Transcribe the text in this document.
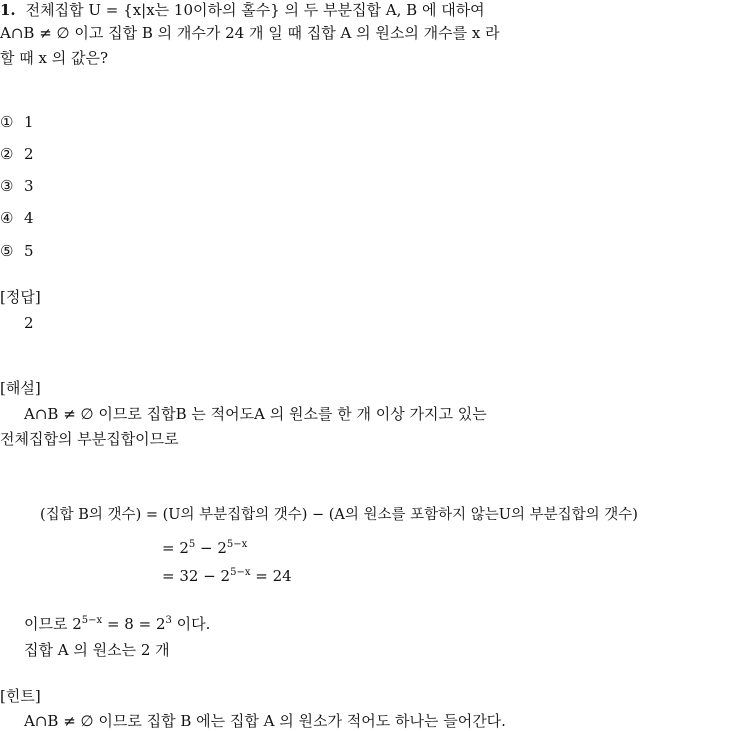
1. 전체집합 U = {x|x는 10이하의 홀수} 의 두 부분집합 A, B 에 대하여
A∩B ≠ ∅ 이고 집합 B 의 개수가 24 개 일 때 집합 A 의 원소의 개수를 x 라
할 때 x 의 값은?
① 1
② 2
③ 3
④ 4
⑤ 5
[정답]
2
[해설]
A∩B ≠ ∅ 이므로 집합B 는 적어도A 의 원소를 한 개 이상 가지고 있는
전체집합의 부분집합이므로
(집합 B의 갯수) = (U의 부분집합의 갯수) − (A의 원소를 포함하지 않는U의 부분집합의 갯수)
= $2^5 - 2^{5-x}$
= $32 - 2^{5-x} = 24$
이므로 $2^{5-x} = 8 = 2^3$ 이다.
집합 A 의 원소는 2 개
[힌트]
A∩B ≠ ∅ 이므로 집합 B 에는 집합 A 의 원소가 적어도 하나는 들어간다.
